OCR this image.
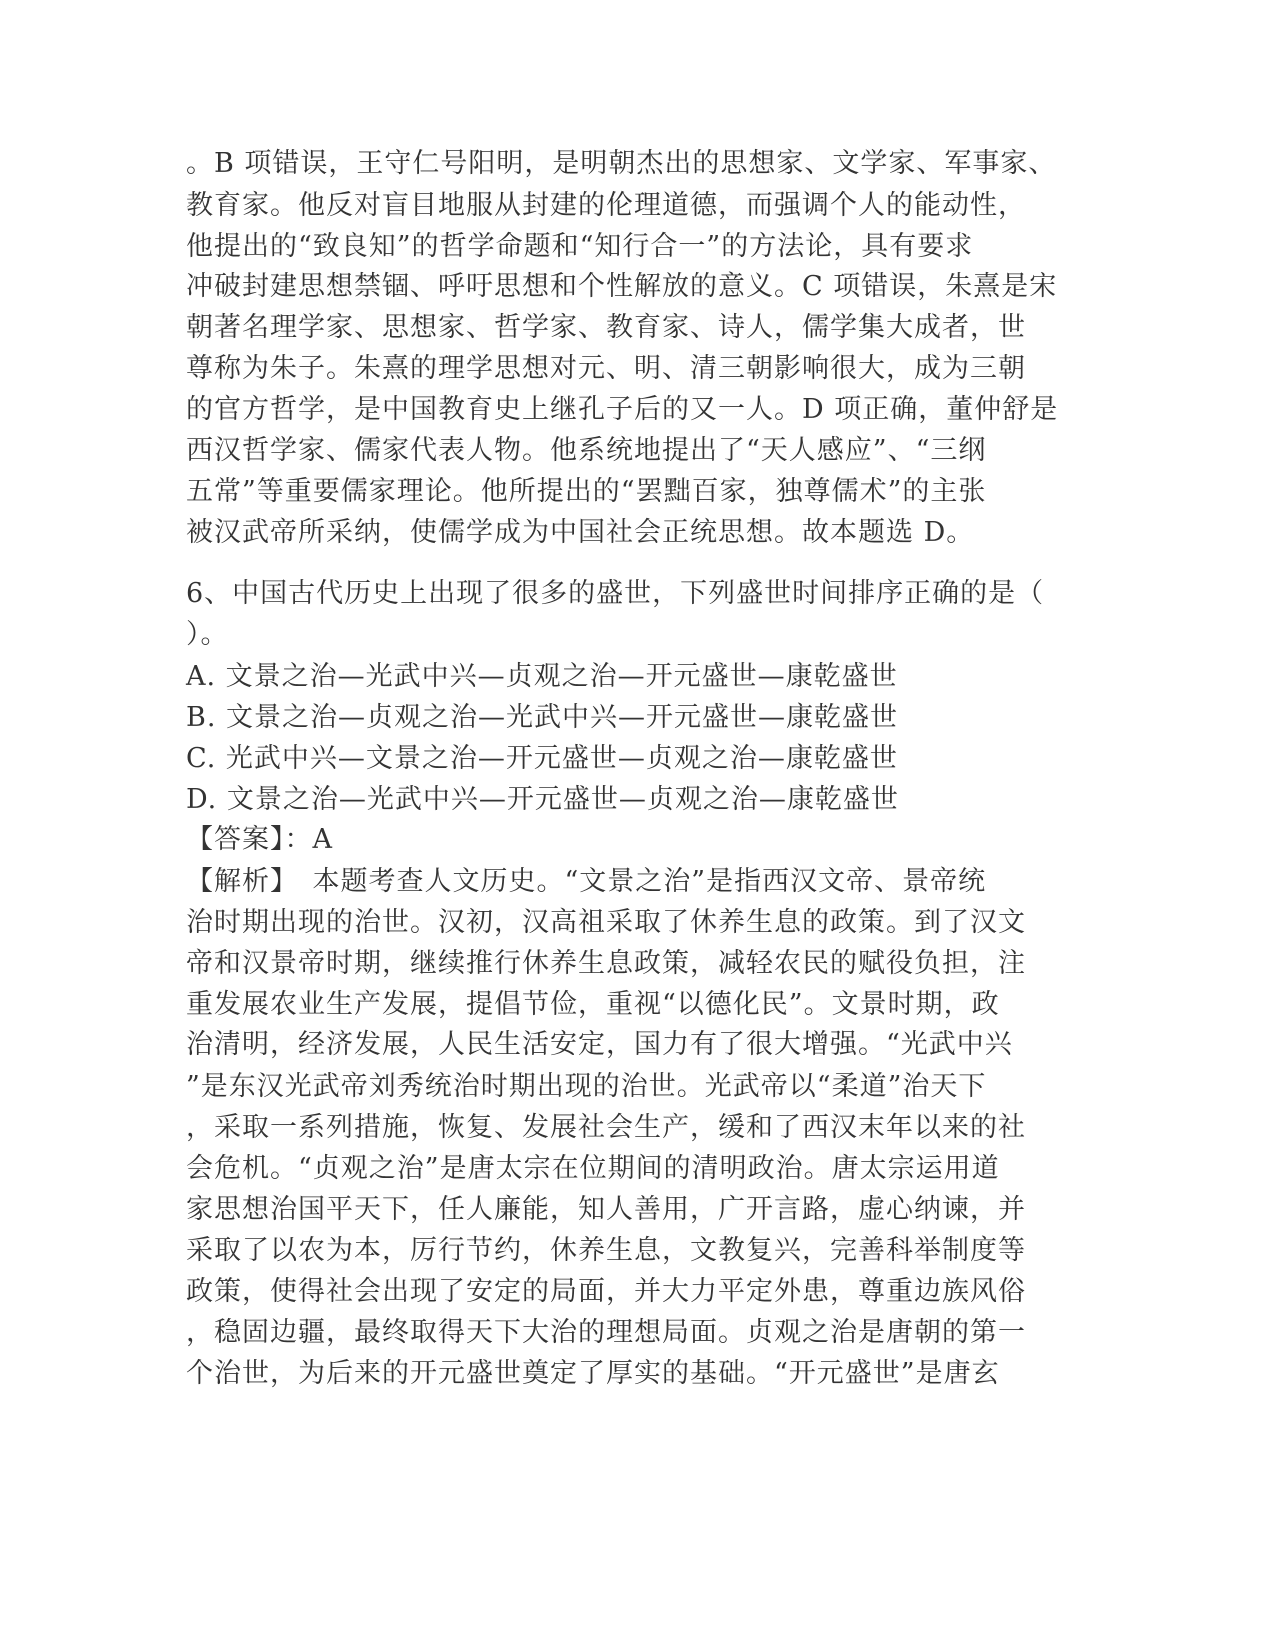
。B 项错误，王守仁号阳明，是明朝杰出的思想家、文学家、军事家、
教育家。他反对盲目地服从封建的伦理道德，而强调个人的能动性，
他提出的“致良知”的哲学命题和“知行合一”的方法论，具有要求
冲破封建思想禁锢、呼吁思想和个性解放的意义。C 项错误，朱熹是宋
朝著名理学家、思想家、哲学家、教育家、诗人，儒学集大成者，世
尊称为朱子。朱熹的理学思想对元、明、清三朝影响很大，成为三朝
的官方哲学，是中国教育史上继孔子后的又一人。D 项正确，董仲舒是
西汉哲学家、儒家代表人物。他系统地提出了“天人感应”、“三纲
五常”等重要儒家理论。他所提出的“罢黜百家，独尊儒术”的主张
被汉武帝所采纳，使儒学成为中国社会正统思想。故本题选 D。
6、中国古代历史上出现了很多的盛世，下列盛世时间排序正确的是（
）。
A. 文景之治—光武中兴—贞观之治—开元盛世—康乾盛世
B. 文景之治—贞观之治—光武中兴—开元盛世—康乾盛世
C. 光武中兴—文景之治—开元盛世—贞观之治—康乾盛世
D. 文景之治—光武中兴—开元盛世—贞观之治—康乾盛世
【答案】：A
【解析】　本题考查人文历史。“文景之治”是指西汉文帝、景帝统
治时期出现的治世。汉初，汉高祖采取了休养生息的政策。到了汉文
帝和汉景帝时期，继续推行休养生息政策，减轻农民的赋役负担，注
重发展农业生产发展，提倡节俭，重视“以德化民”。文景时期，政
治清明，经济发展，人民生活安定，国力有了很大增强。“光武中兴
”是东汉光武帝刘秀统治时期出现的治世。光武帝以“柔道”治天下
，采取一系列措施，恢复、发展社会生产，缓和了西汉末年以来的社
会危机。“贞观之治”是唐太宗在位期间的清明政治。唐太宗运用道
家思想治国平天下，任人廉能，知人善用，广开言路，虚心纳谏，并
采取了以农为本，厉行节约，休养生息，文教复兴，完善科举制度等
政策，使得社会出现了安定的局面，并大力平定外患，尊重边族风俗
，稳固边疆，最终取得天下大治的理想局面。贞观之治是唐朝的第一
个治世，为后来的开元盛世奠定了厚实的基础。“开元盛世”是唐玄
